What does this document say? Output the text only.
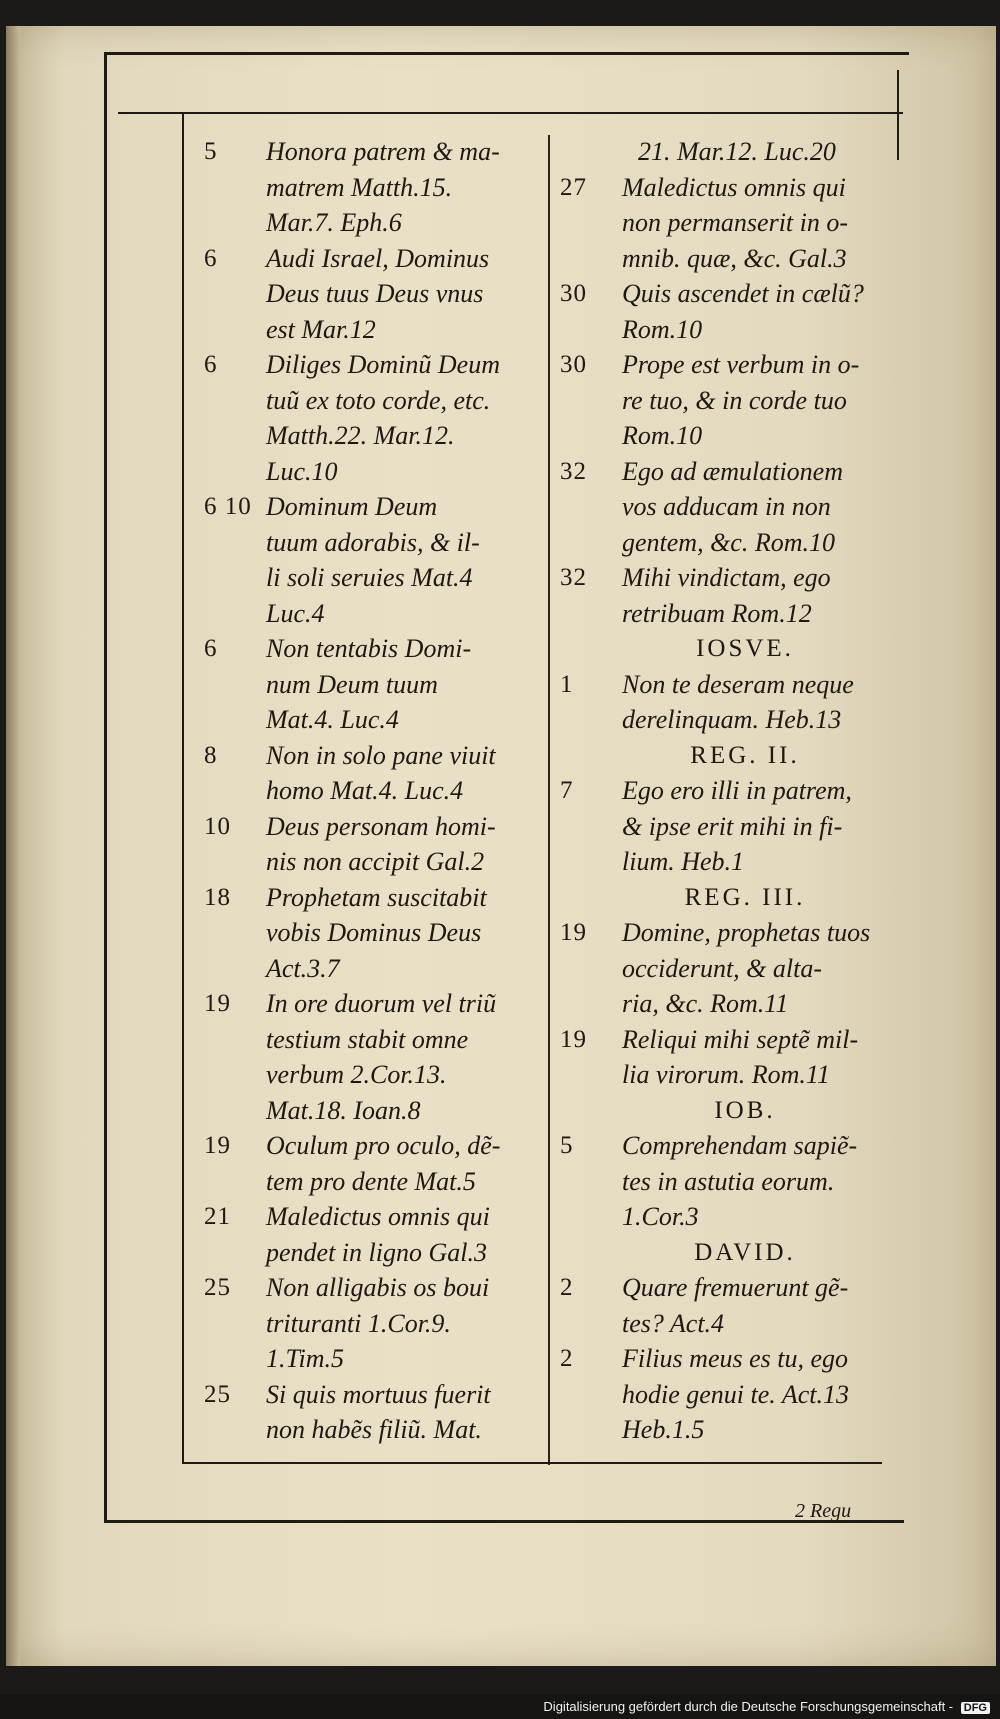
5	Honora patrem & ma-
matrem Matth.15.
Mar.7. Eph.6
6	Audi Israel, Dominus
Deus tuus Deus vnus
est Mar.12
6	Diliges Dominũ Deum
tuũ ex toto corde, etc.
Matth.22. Mar.12.
Luc.10
6 10 Dominum Deum
tuum adorabis, & il-
li soli seruies Mat.4
Luc.4
6	Non tentabis Domi-
num Deum tuum
Mat.4. Luc.4
8	Non in solo pane viuit
homo Mat.4. Luc.4
10	Deus personam homi-
nis non accipit Gal.2
18	Prophetam suscitabit
vobis Dominus Deus
Act.3.7
19	In ore duorum vel triũ
testium stabit omne
verbum 2.Cor.13.
Mat.18. Ioan.8
19	Oculum pro oculo, dẽ-
tem pro dente Mat.5
21	Maledictus omnis qui
pendet in ligno Gal.3
25	Non alligabis os boui
trituranti 1.Cor.9.
1.Tim.5
25	Si quis mortuus fuerit
non habẽs filiũ. Mat.
21. Mar.12. Luc.20
27	Maledictus omnis qui
non permanserit in o-
mnib. quæ, &c. Gal.3
30	Quis ascendet in cælũ?
Rom.10
30	Prope est verbum in o-
re tuo, & in corde tuo
Rom.10
32	Ego ad æmulationem
vos adducam in non
gentem, &c. Rom.10
32	Mihi vindictam, ego
retribuam Rom.12
IOSVE.
1	Non te deseram neque
derelinquam. Heb.13
REG. II.
7	Ego ero illi in patrem,
& ipse erit mihi in fi-
lium. Heb.1
REG. III.
19	Domine, prophetas tuos
occiderunt, & alta-
ria, &c. Rom.11
19	Reliqui mihi septẽ mil-
lia virorum. Rom.11
IOB.
5	Comprehendam sapiẽ-
tes in astutia eorum.
1.Cor.3
DAVID.
2	Quare fremuerunt gẽ-
tes? Act.4
2	Filius meus es tu, ego
hodie genui te. Act.13
Heb.1.5
2 Regu
Digitalisierung gefördert durch die Deutsche Forschungsgemeinschaft - DFG
